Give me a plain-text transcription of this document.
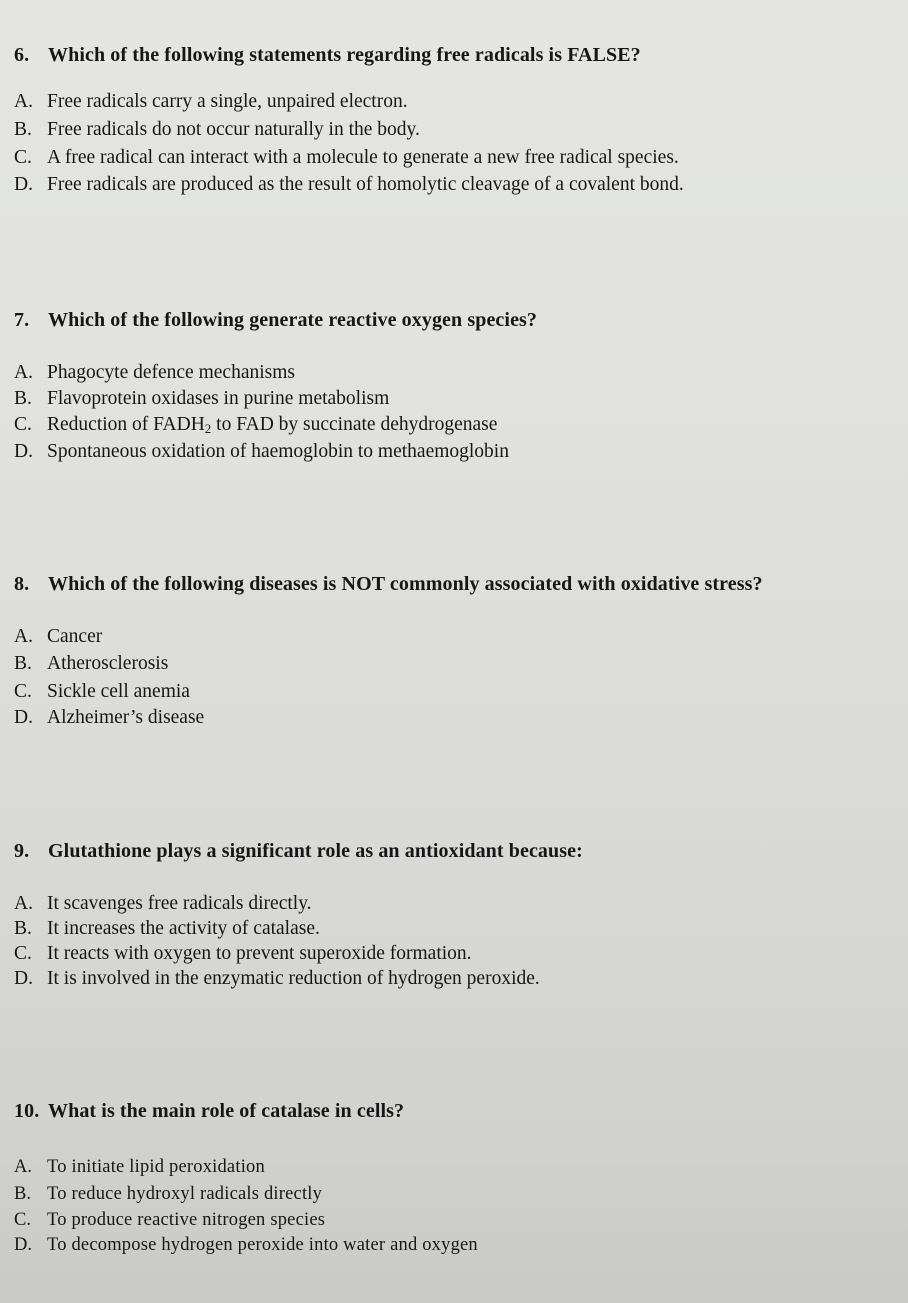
6. Which of the following statements regarding free radicals is FALSE?
A. Free radicals carry a single, unpaired electron.
B. Free radicals do not occur naturally in the body.
C. A free radical can interact with a molecule to generate a new free radical species.
D. Free radicals are produced as the result of homolytic cleavage of a covalent bond.
7. Which of the following generate reactive oxygen species?
A. Phagocyte defence mechanisms
B. Flavoprotein oxidases in purine metabolism
C. Reduction of $FADH_2$ to FAD by succinate dehydrogenase
D. Spontaneous oxidation of haemoglobin to methaemoglobin
8. Which of the following diseases is NOT commonly associated with oxidative stress?
A. Cancer
B. Atherosclerosis
C. Sickle cell anemia
D. Alzheimer’s disease
9. Glutathione plays a significant role as an antioxidant because:
A. It scavenges free radicals directly.
B. It increases the activity of catalase.
C. It reacts with oxygen to prevent superoxide formation.
D. It is involved in the enzymatic reduction of hydrogen peroxide.
10. What is the main role of catalase in cells?
A. To initiate lipid peroxidation
B. To reduce hydroxyl radicals directly
C. To produce reactive nitrogen species
D. To decompose hydrogen peroxide into water and oxygen
